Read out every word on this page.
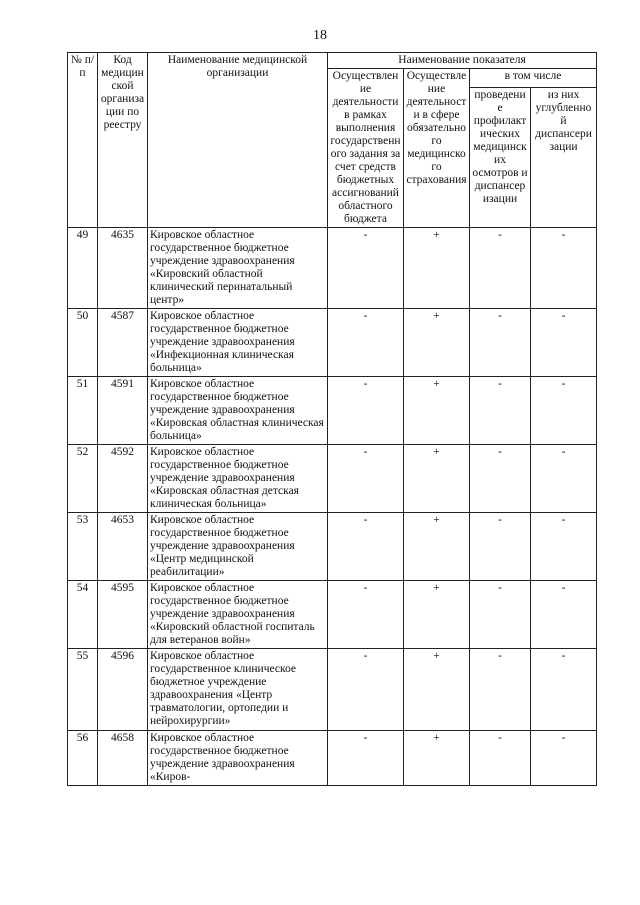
18
№ п/п	Код медицинской организации по реестру	Наименование медицинской организации	Наименование показателя			
			Осуществление деятельности в рамках выполнения государственного задания за счет средств бюджетных ассигнований областного бюджета	Осуществление деятельности в сфере обязательного медицинского страхования	в том числе	
					проведение профилактических медицинских осмотров и диспансеризации	из них углубленной диспансеризации
49	4635	Кировское областное государственное бюджетное учреждение здравоохранения «Кировский областной клинический перинатальный центр»	-	+	-	-
50	4587	Кировское областное государственное бюджетное учреждение здравоохранения «Инфекционная клиническая больница»	-	+	-	-
51	4591	Кировское областное государственное бюджетное учреждение здравоохранения «Кировская областная клиническая больница»	-	+	-	-
52	4592	Кировское областное государственное бюджетное учреждение здравоохранения «Кировская областная детская клиническая больница»	-	+	-	-
53	4653	Кировское областное государственное бюджетное учреждение здравоохранения «Центр медицинской реабилитации»	-	+	-	-
54	4595	Кировское областное государственное бюджетное учреждение здравоохранения «Кировский областной госпиталь для ветеранов войн»	-	+	-	-
55	4596	Кировское областное государственное клиническое бюджетное учреждение здравоохранения «Центр травматологии, ортопедии и нейрохирургии»	-	+	-	-
56	4658	Кировское областное государственное бюджетное учреждение здравоохранения «Киров-	-	+	-	-
